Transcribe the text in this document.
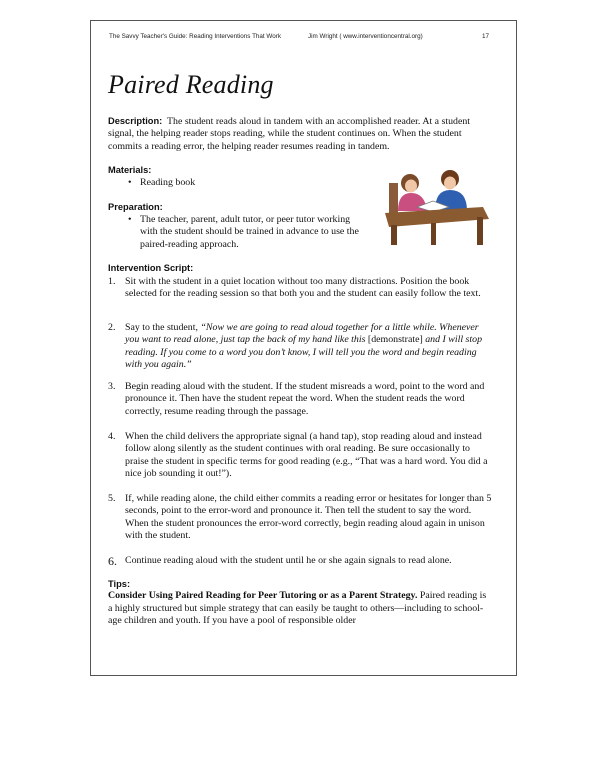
The Savvy Teacher's Guide: Reading Interventions That Work	Jim Wright ( www.interventioncentral.org)	17
Paired Reading

Description: The student reads aloud in tandem with an accomplished reader. At a student signal, the helping reader stops reading, while the student continues on. When the student commits a reading error, the helping reader resumes reading in tandem.

Materials:
• Reading book
Preparation:
• The teacher, parent, adult tutor, or peer tutor working with the student should be trained in advance to use the paired-reading approach.
Intervention Script:
1. Sit with the student in a quiet location without too many distractions. Position the book selected for the reading session so that both you and the student can easily follow the text.
2. Say to the student, “Now we are going to read aloud together for a little while. Whenever you want to read alone, just tap the back of my hand like this [demonstrate] and I will stop reading. If you come to a word you don’t know, I will tell you the word and begin reading with you again.”
3. Begin reading aloud with the student. If the student misreads a word, point to the word and pronounce it. Then have the student repeat the word. When the student reads the word correctly, resume reading through the passage.
4. When the child delivers the appropriate signal (a hand tap), stop reading aloud and instead follow along silently as the student continues with oral reading. Be sure occasionally to praise the student in specific terms for good reading (e.g., “That was a hard word. You did a nice job sounding it out!”).
5. If, while reading alone, the child either commits a reading error or hesitates for longer than 5 seconds, point to the error-word and pronounce it. Then tell the student to say the word. When the student pronounces the error-word correctly, begin reading aloud again in unison with the student.
6. Continue reading aloud with the student until he or she again signals to read alone.
Tips:

Consider Using Paired Reading for Peer Tutoring or as a Parent Strategy. Paired reading is a highly structured but simple strategy that can easily be taught to others—including to school-age children and youth. If you have a pool of responsible older
